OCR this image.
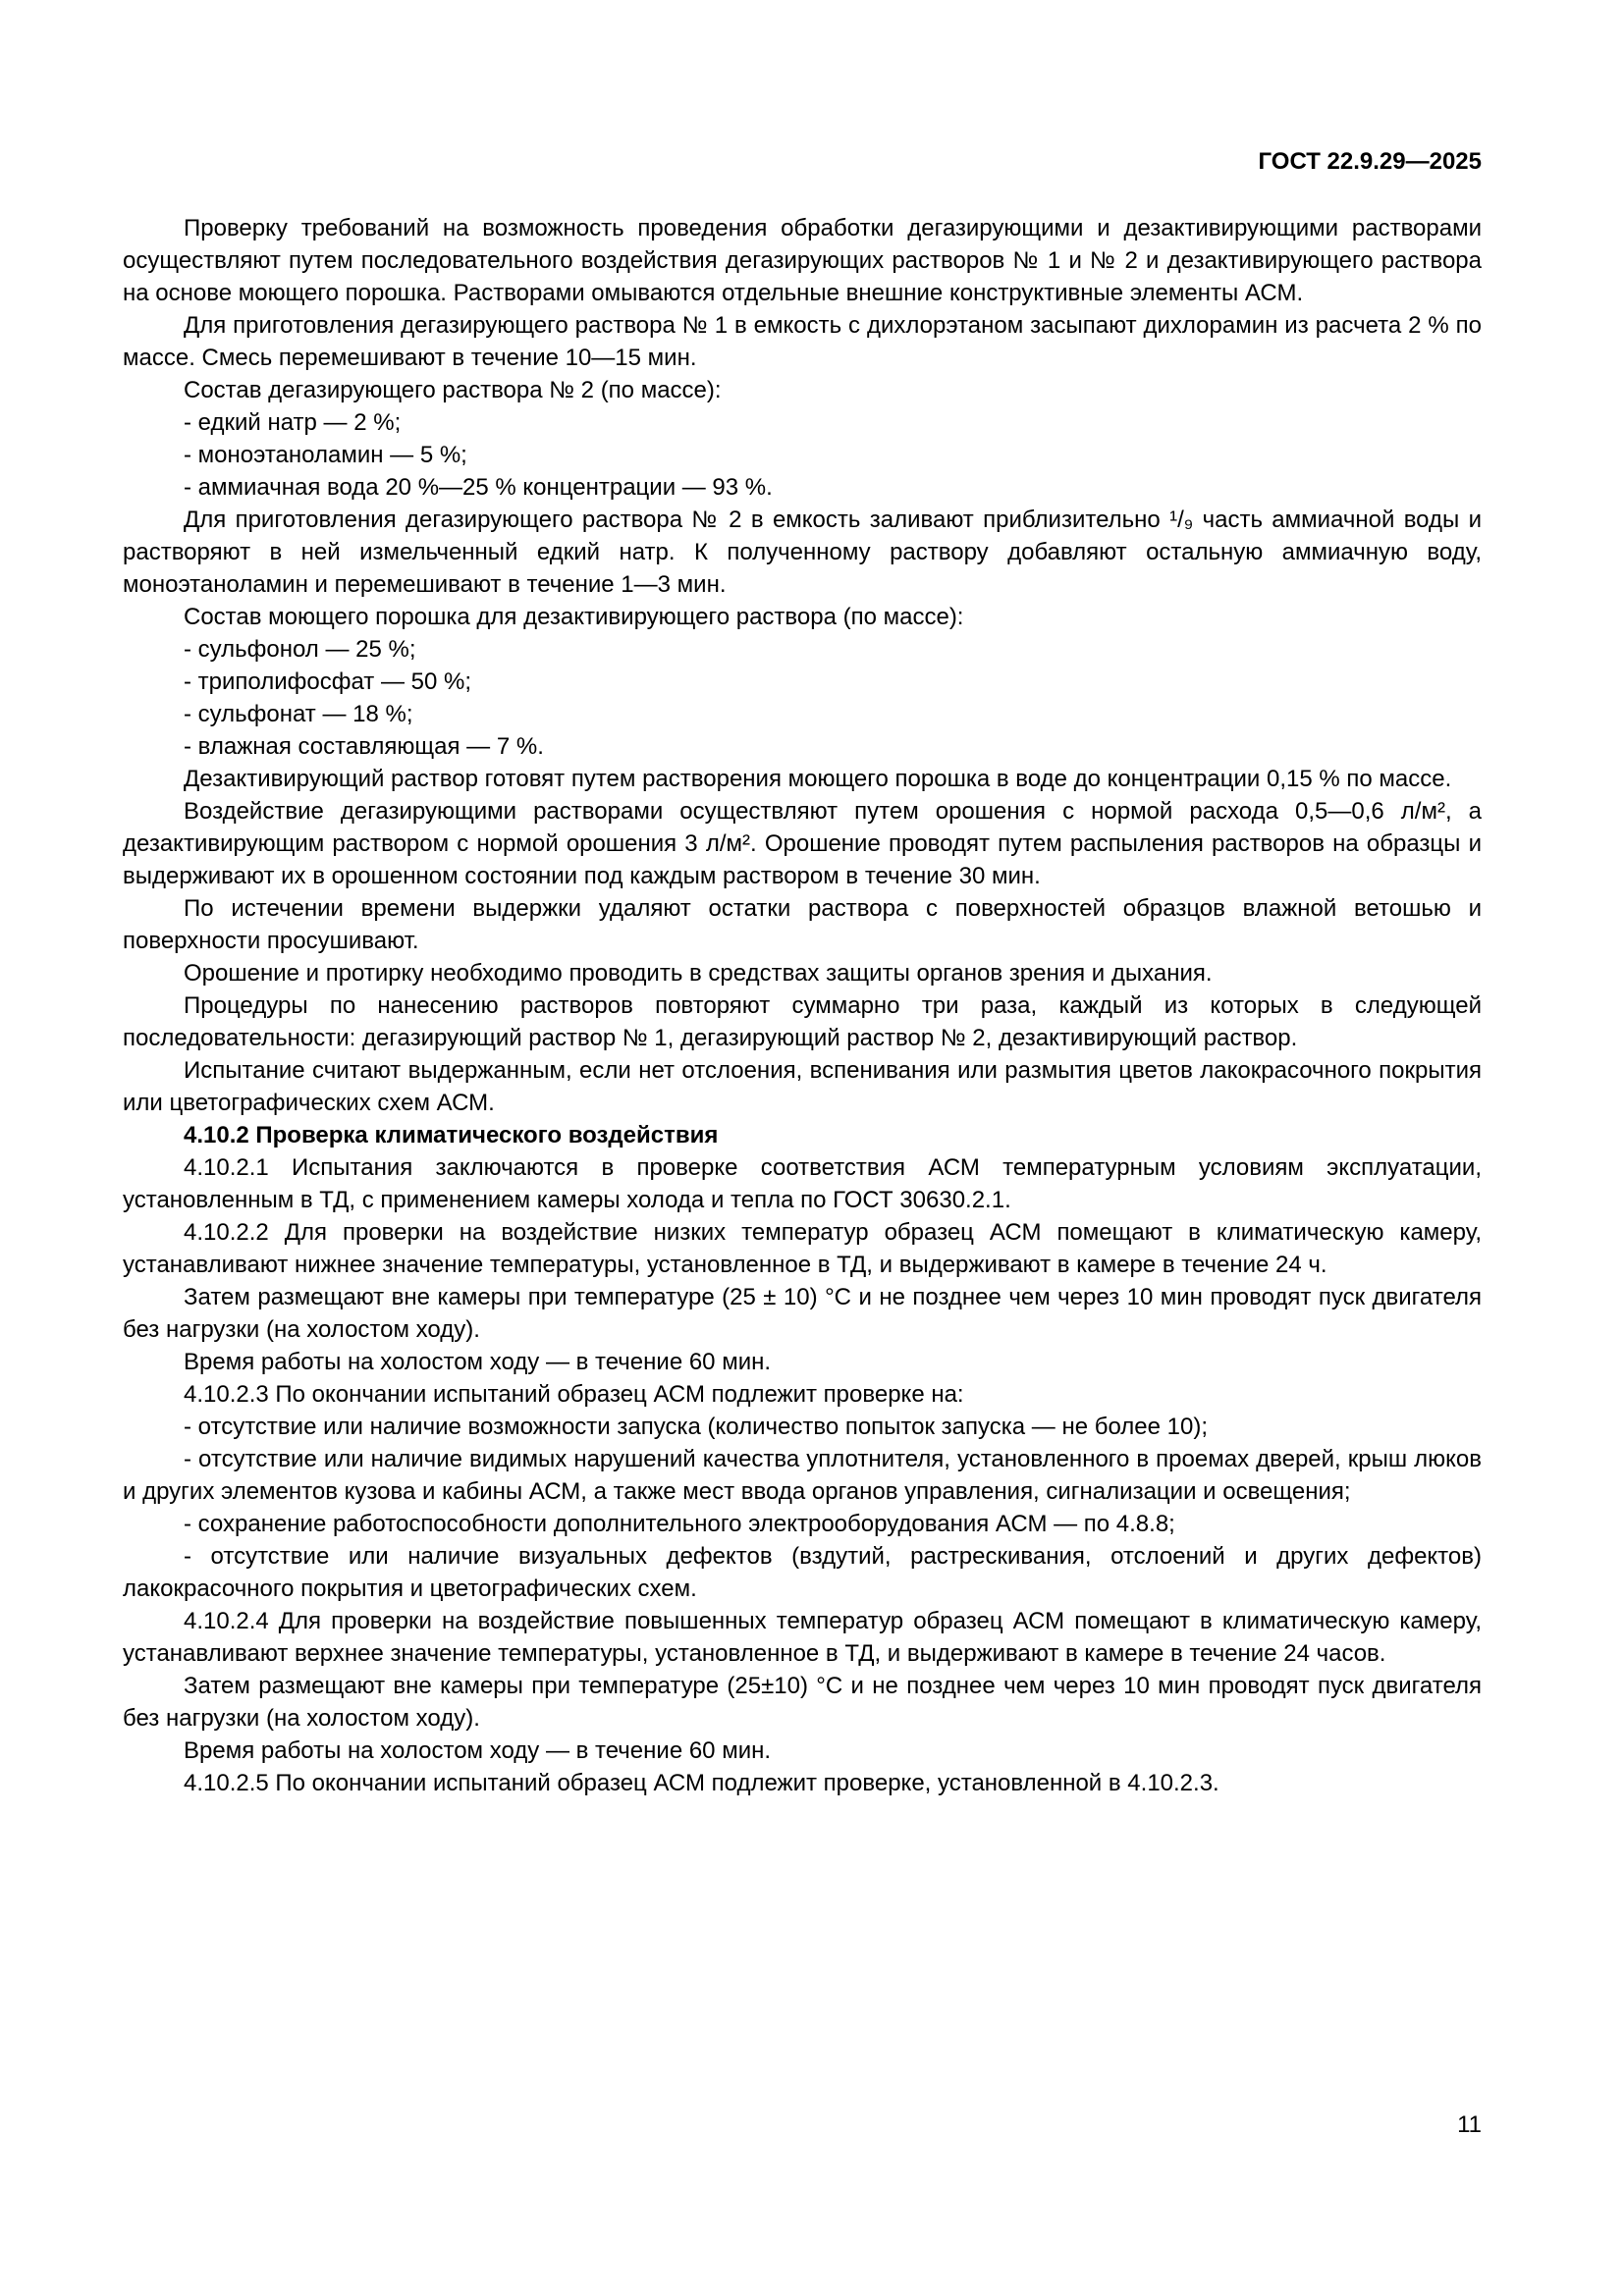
ГОСТ 22.9.29—2025

Проверку требований на возможность проведения обработки дегазирующими и дезактивирующими растворами осуществляют путем последовательного воздействия дегазирующих растворов № 1 и № 2 и дезактивирующего раствора на основе моющего порошка. Растворами омываются отдельные внешние конструктивные элементы АСМ.

Для приготовления дегазирующего раствора № 1 в емкость с дихлорэтаном засыпают дихлорамин из расчета 2 % по массе. Смесь перемешивают в течение 10—15 мин.

Состав дегазирующего раствора № 2 (по массе):

- едкий натр — 2 %;

- моноэтаноламин — 5 %;

- аммиачная вода 20 %—25 % концентрации — 93 %.

Для приготовления дегазирующего раствора № 2 в емкость заливают приблизительно ¹/₉ часть аммиачной воды и растворяют в ней измельченный едкий натр. К полученному раствору добавляют остальную аммиачную воду, моноэтаноламин и перемешивают в течение 1—3 мин.

Состав моющего порошка для дезактивирующего раствора (по массе):

- сульфонол — 25 %;

- триполифосфат — 50 %;

- сульфонат — 18 %;

- влажная составляющая — 7 %.

Дезактивирующий раствор готовят путем растворения моющего порошка в воде до концентрации 0,15 % по массе.

Воздействие дегазирующими растворами осуществляют путем орошения с нормой расхода 0,5—0,6 л/м², а дезактивирующим раствором с нормой орошения 3 л/м². Орошение проводят путем распыления растворов на образцы и выдерживают их в орошенном состоянии под каждым раствором в течение 30 мин.

По истечении времени выдержки удаляют остатки раствора с поверхностей образцов влажной ветошью и поверхности просушивают.

Орошение и протирку необходимо проводить в средствах защиты органов зрения и дыхания.

Процедуры по нанесению растворов повторяют суммарно три раза, каждый из которых в следующей последовательности: дегазирующий раствор № 1, дегазирующий раствор № 2, дезактивирующий раствор.

Испытание считают выдержанным, если нет отслоения, вспенивания или размытия цветов лакокрасочного покрытия или цветографических схем АСМ.

4.10.2 Проверка климатического воздействия

4.10.2.1 Испытания заключаются в проверке соответствия АСМ температурным условиям эксплуатации, установленным в ТД, с применением камеры холода и тепла по ГОСТ 30630.2.1.

4.10.2.2 Для проверки на воздействие низких температур образец АСМ помещают в климатическую камеру, устанавливают нижнее значение температуры, установленное в ТД, и выдерживают в камере в течение 24 ч.

Затем размещают вне камеры при температуре (25 ± 10) °С и не позднее чем через 10 мин проводят пуск двигателя без нагрузки (на холостом ходу).

Время работы на холостом ходу — в течение 60 мин.

4.10.2.3 По окончании испытаний образец АСМ подлежит проверке на:

- отсутствие или наличие возможности запуска (количество попыток запуска — не более 10);

- отсутствие или наличие видимых нарушений качества уплотнителя, установленного в проемах дверей, крыш люков и других элементов кузова и кабины АСМ, а также мест ввода органов управления, сигнализации и освещения;

- сохранение работоспособности дополнительного электрооборудования АСМ — по 4.8.8;

- отсутствие или наличие визуальных дефектов (вздутий, растрескивания, отслоений и других дефектов) лакокрасочного покрытия и цветографических схем.

4.10.2.4 Для проверки на воздействие повышенных температур образец АСМ помещают в климатическую камеру, устанавливают верхнее значение температуры, установленное в ТД, и выдерживают в камере в течение 24 часов.

Затем размещают вне камеры при температуре (25±10) °С и не позднее чем через 10 мин проводят пуск двигателя без нагрузки (на холостом ходу).

Время работы на холостом ходу — в течение 60 мин.

4.10.2.5 По окончании испытаний образец АСМ подлежит проверке, установленной в 4.10.2.3.

11
